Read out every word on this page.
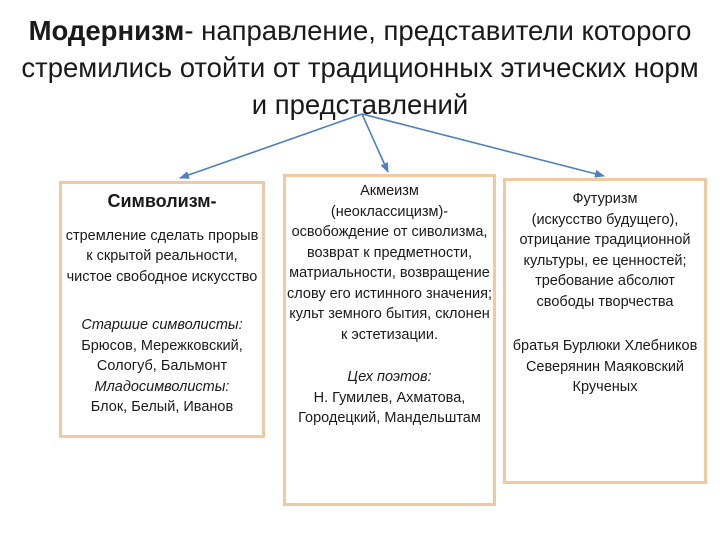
Модернизм- направление, представители которого стремились отойти от традиционных этических норм и представлений
Символизм-
стремление сделать прорыв к скрытой реальности, чистое свободное искусство
Старшие символисты:
Брюсов, Мережковский, Сологуб, Бальмонт
Младосимволисты:
Блок, Белый, Иванов
Акмеизм
(неоклассицизм)-освобождение от сиволизма, возврат к предметности, матриальности, возвращение слову его истинного значения; культ земного бытия, склонен к эстетизации.
Цех поэтов:
Н. Гумилев, Ахматова, Городецкий, Мандельштам
Футуризм
(искусство будущего), отрицание традиционной культуры, ее ценностей; требование абсолют свободы творчества
братья Бурлюки Хлебников Северянин Маяковский Крученых
